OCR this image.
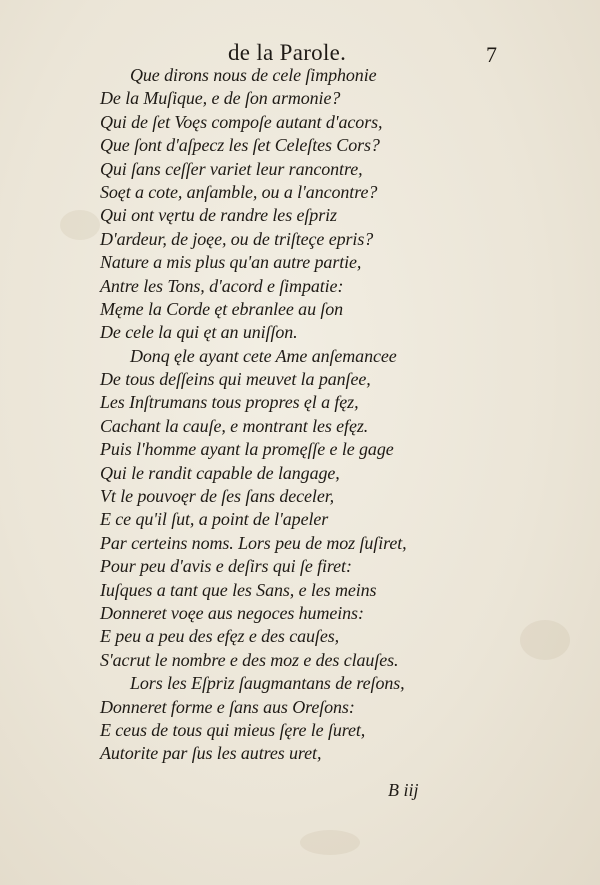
de la Parole.	7
Que dirons nous de cele ſimphonie
De la Muſique, e de ſon armonie?
Qui de ſet Voęs compoſe autant d'acors,
Que ſont d'aſpecz les ſet Celeſtes Cors?
Qui ſans ceſſer variet leur rancontre,
Soęt a cote, anſamble, ou a l'ancontre?
Qui ont vęrtu de randre les eſpriz
D'ardeur, de joęe, ou de triſteçe epris?
Nature a mis plus qu'an autre partie,
Antre les Tons, d'acord e ſimpatie:
Męme la Corde ęt ebranlee au ſon
De cele la qui ęt an uniſſon.
Donq ęle ayant cete Ame anſemancee
De tous deſſeins qui meuvet la panſee,
Les Inſtrumans tous propres ęl a fęz,
Cachant la cauſe, e montrant les efęz.
Puis l'homme ayant la promęſſe e le gage
Qui le randit capable de langage,
Vt le pouvoęr de ſes ſans deceler,
E ce qu'il ſut, a point de l'apeler
Par certeins noms. Lors peu de moz ſuſiret,
Pour peu d'avis e deſirs qui ſe firet:
Iuſques a tant que les Sans, e les meins
Donneret voęe aus negoces humeins:
E peu a peu des efęz e des cauſes,
S'acrut le nombre e des moz e des clauſes.
Lors les Eſpriz ſaugmantans de reſons,
Donneret forme e ſans aus Oreſons:
E ceus de tous qui mieus ſęre le ſuret,
Autorite par ſus les autres uret,
B iij
